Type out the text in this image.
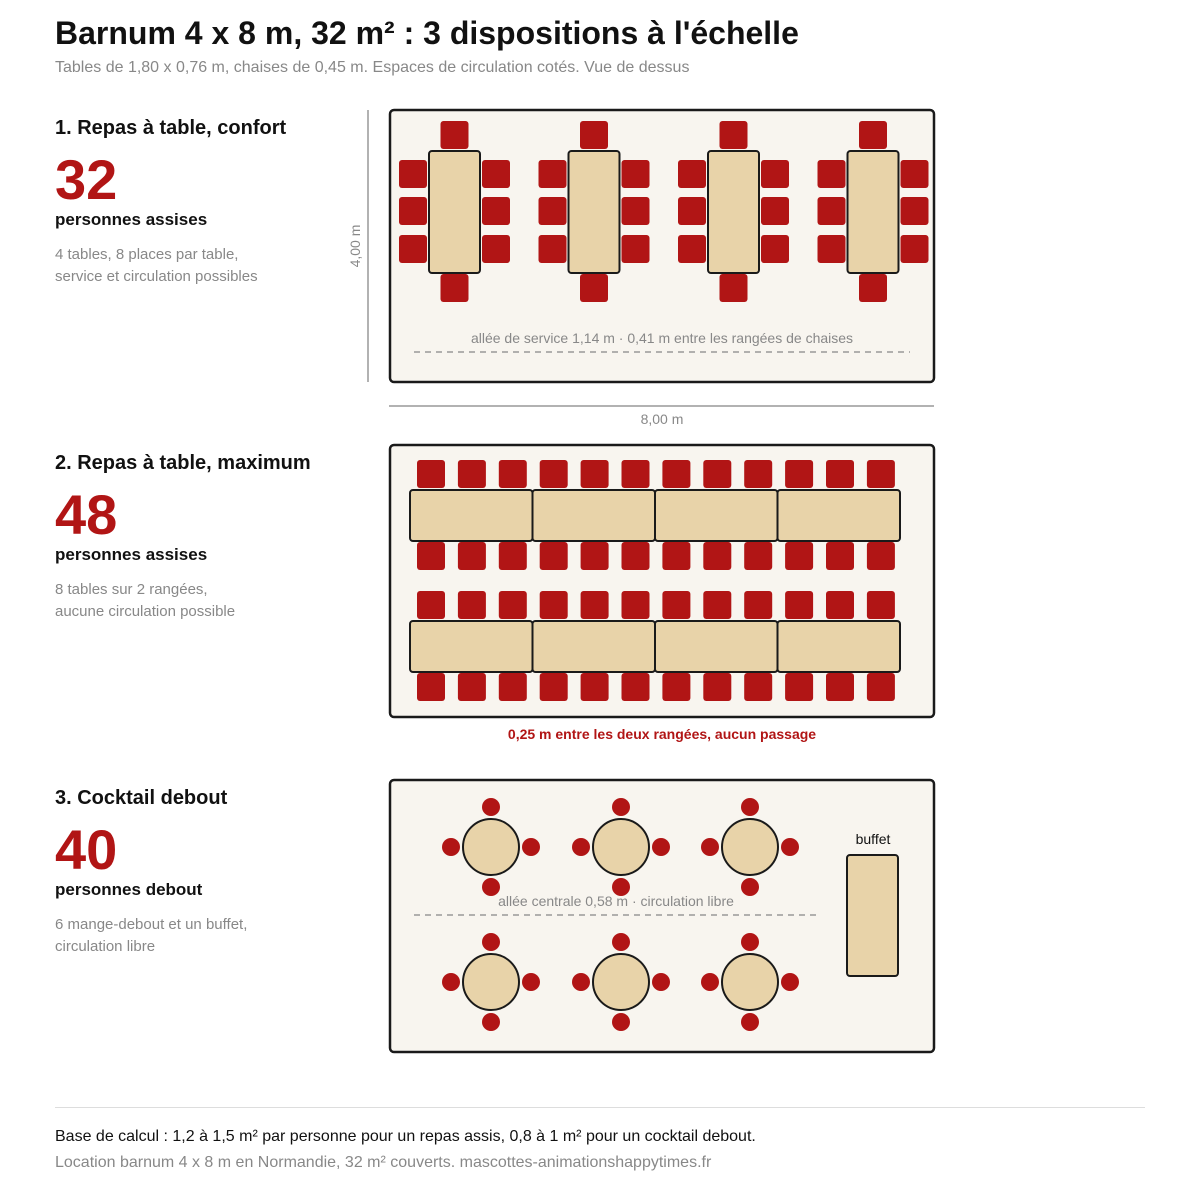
Barnum 4 x 8 m, 32 m² : 3 dispositions à l'échelle
Tables de 1,80 x 0,76 m, chaises de 0,45 m. Espaces de circulation cotés. Vue de dessus
1. Repas à table, confort
32
personnes assises
4 tables, 8 places par table,
service et circulation possibles
2. Repas à table, maximum
48
personnes assises
8 tables sur 2 rangées,
aucune circulation possible
3. Cocktail debout
40
personnes debout
6 mange-debout et un buffet,
circulation libre
4,00 m
8,00 m
allée de service 1,14 m · 0,41 m entre les rangées de chaises
0,25 m entre les deux rangées, aucun passage
allée centrale 0,58 m · circulation libre
buffet
Base de calcul : 1,2 à 1,5 m² par personne pour un repas assis, 0,8 à 1 m² pour un cocktail debout.
Location barnum 4 x 8 m en Normandie, 32 m² couverts. mascottes-animationshappytimes.fr
